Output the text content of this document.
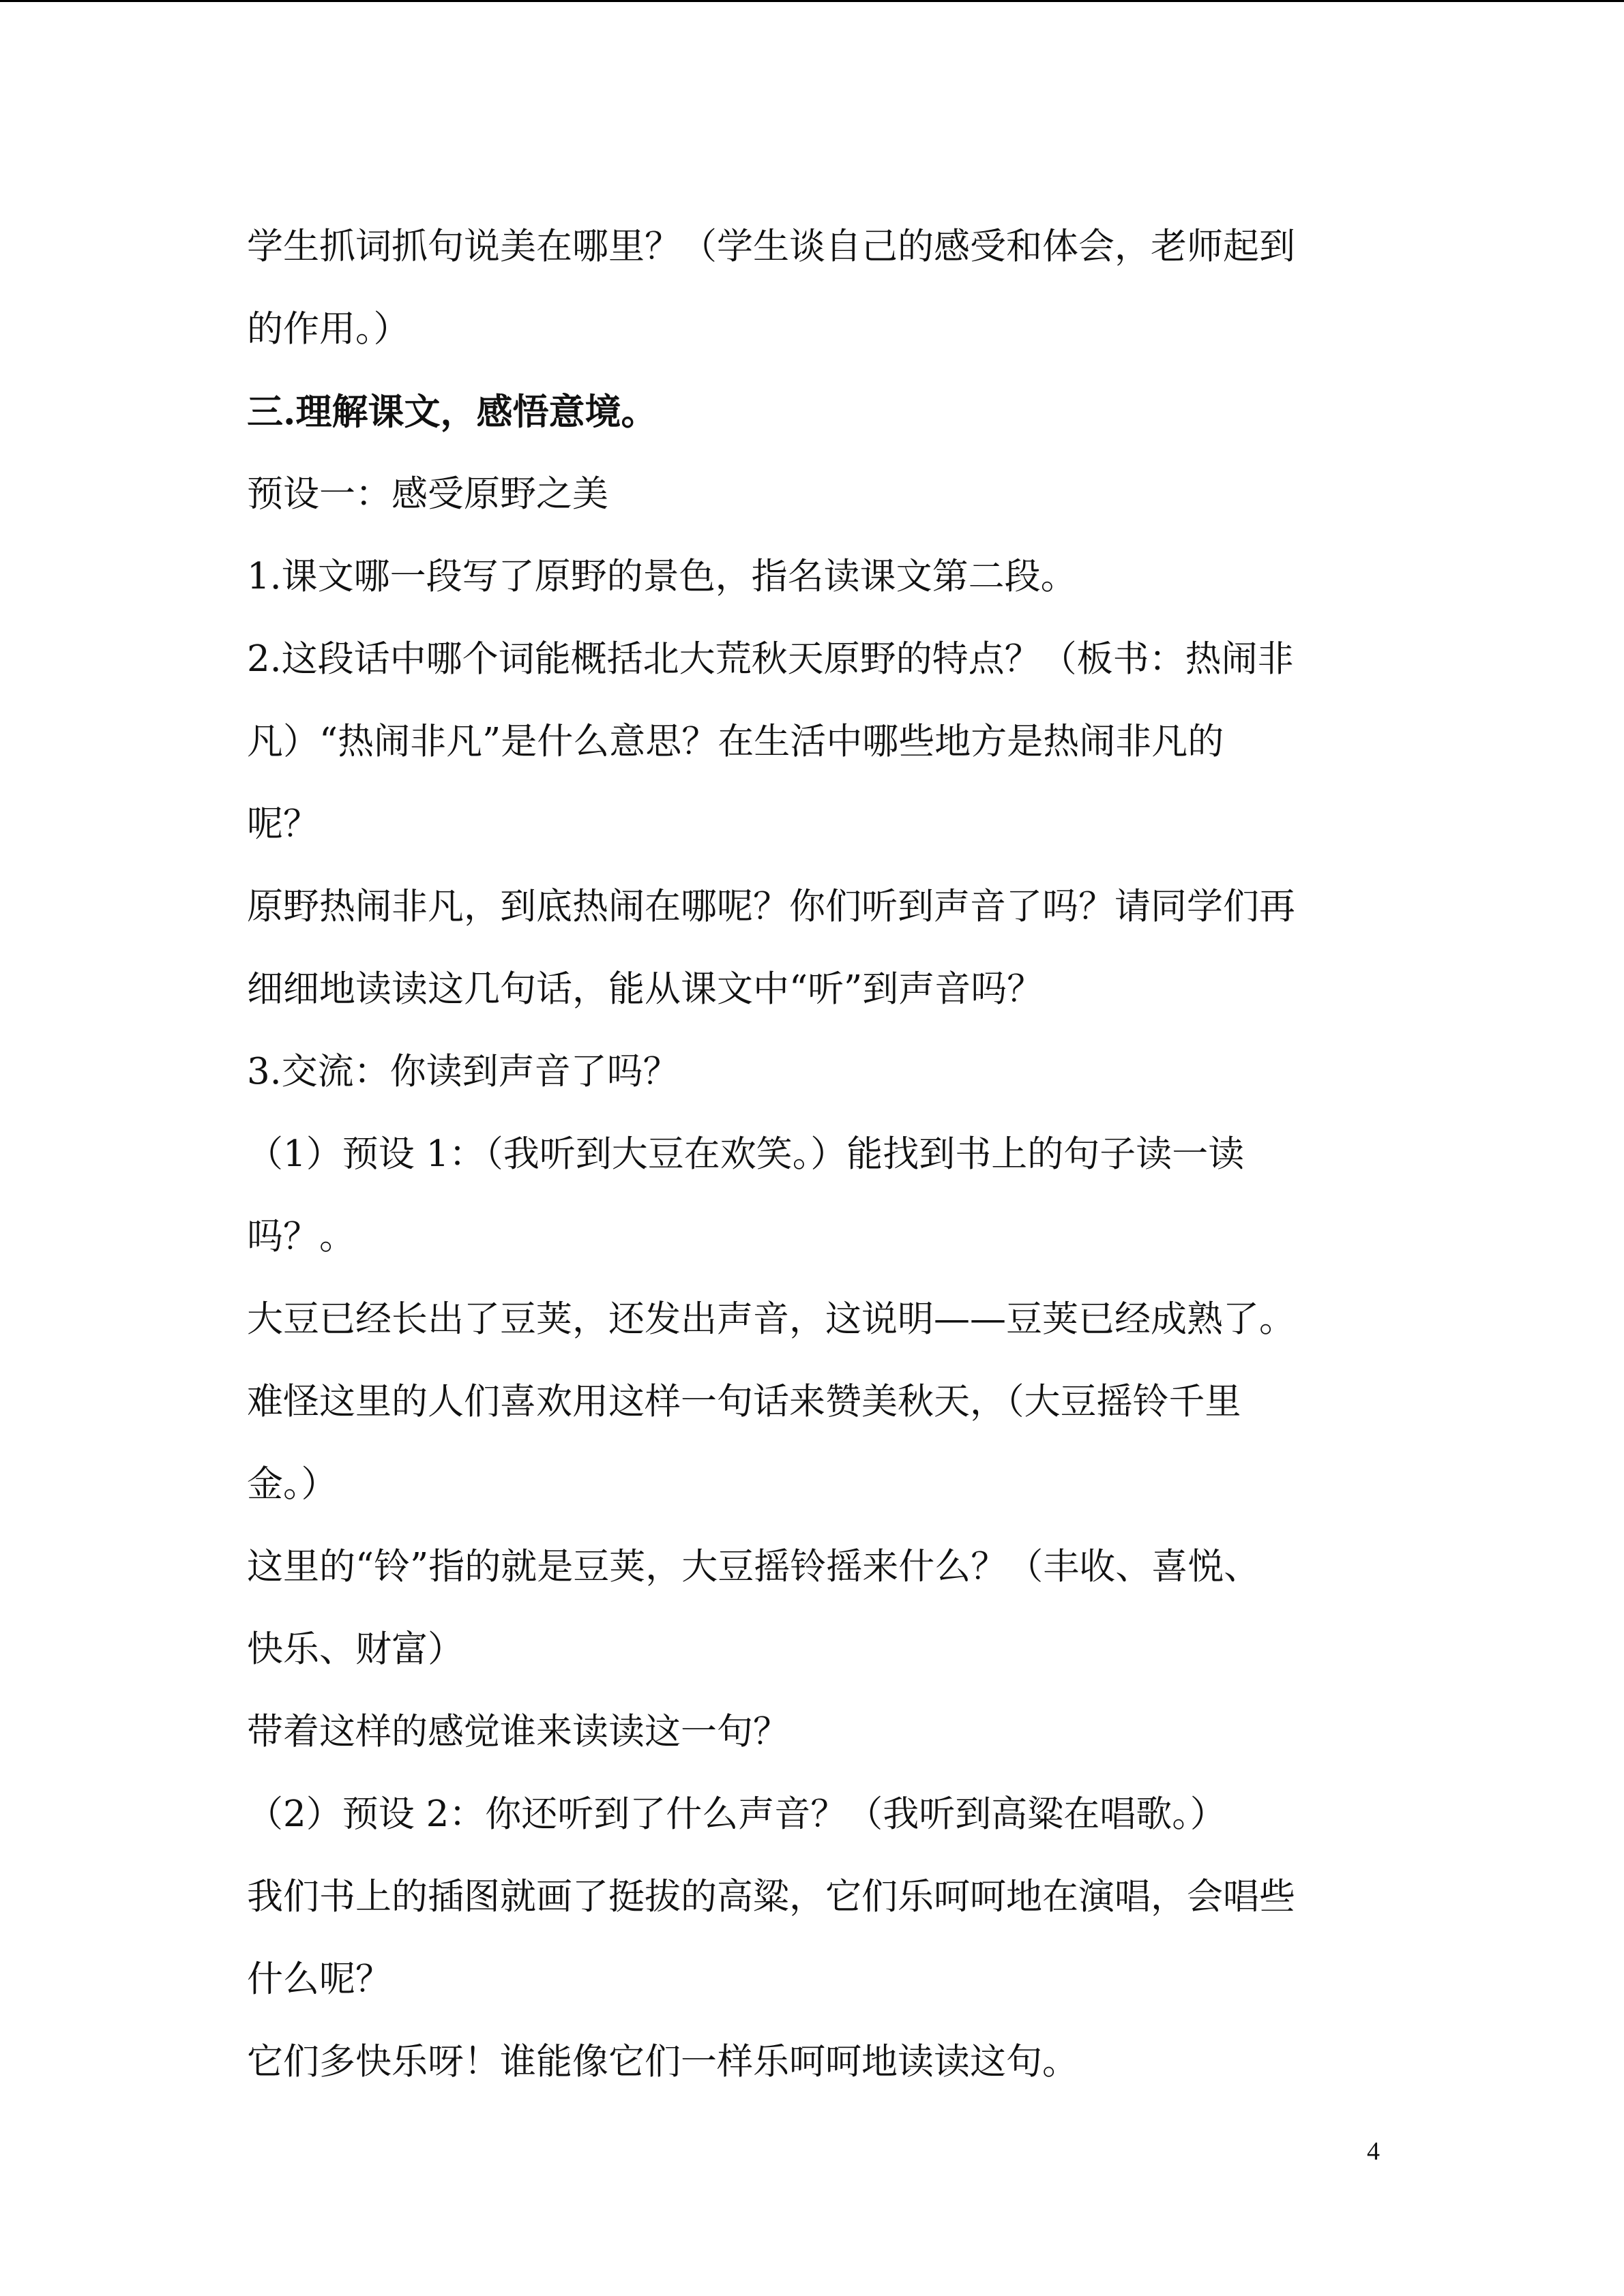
学生抓词抓句说美在哪里？（学生谈自己的感受和体会，老师起到
的作用。）
三.理解课文，感悟意境。
预设一：感受原野之美
1.课文哪一段写了原野的景色，指名读课文第二段。
2.这段话中哪个词能概括北大荒秋天原野的特点？（板书：热闹非
凡）“热闹非凡”是什么意思？在生活中哪些地方是热闹非凡的
呢？
原野热闹非凡，到底热闹在哪呢？你们听到声音了吗？请同学们再
细细地读读这几句话，能从课文中“听”到声音吗？
3.交流：你读到声音了吗？
（1）预设 1：（我听到大豆在欢笑。）能找到书上的句子读一读
吗？。
大豆已经长出了豆荚，还发出声音，这说明——豆荚已经成熟了。
难怪这里的人们喜欢用这样一句话来赞美秋天，（大豆摇铃千里
金。）
这里的“铃”指的就是豆荚，大豆摇铃摇来什么？（丰收、喜悦、
快乐、财富）
带着这样的感觉谁来读读这一句？
（2）预设 2：你还听到了什么声音？（我听到高粱在唱歌。）
我们书上的插图就画了挺拔的高粱，它们乐呵呵地在演唱，会唱些
什么呢？
它们多快乐呀！谁能像它们一样乐呵呵地读读这句。
4
